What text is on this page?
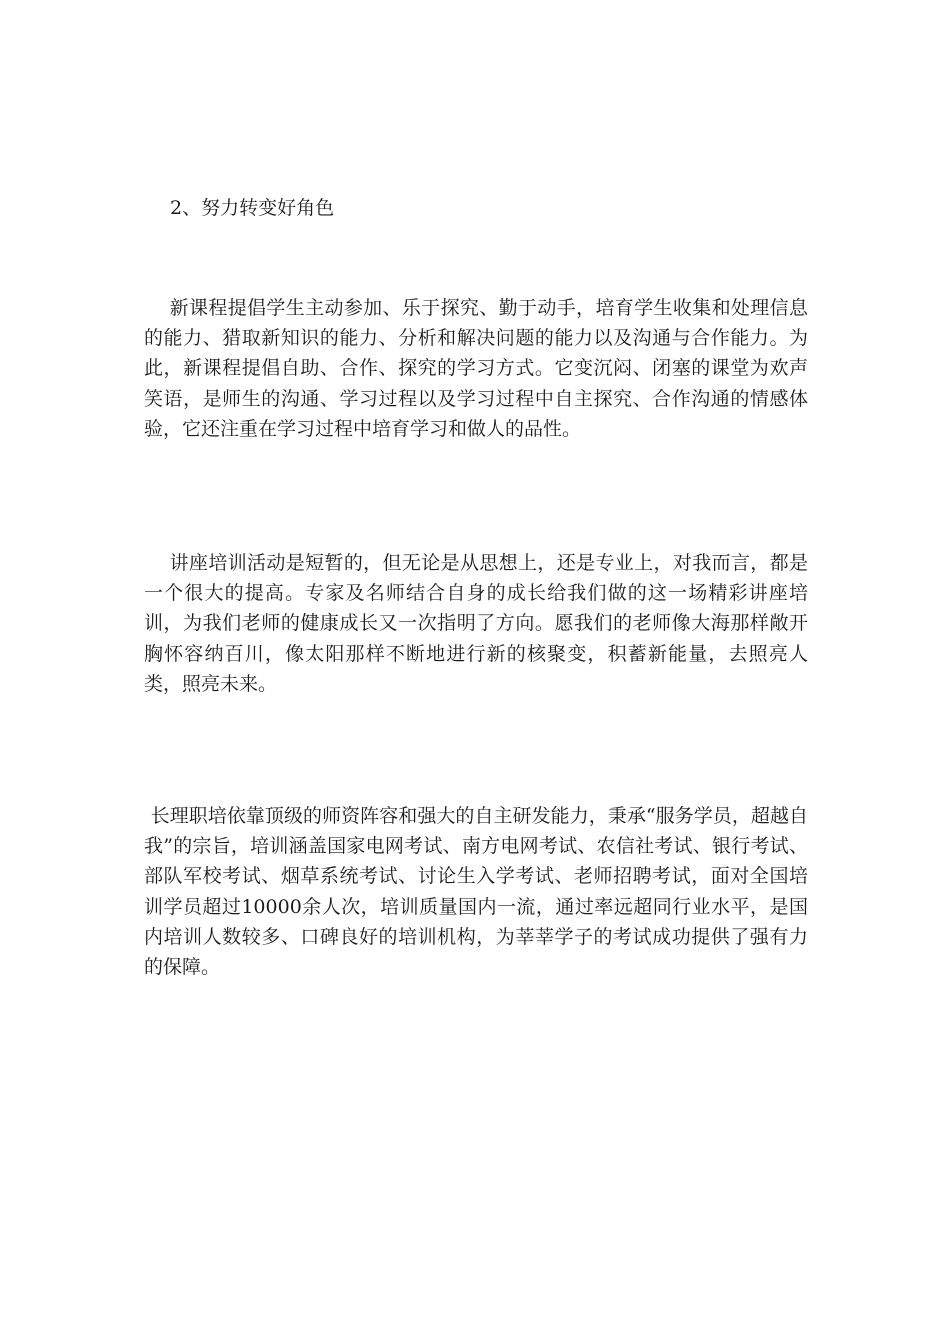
2、努力转变好角色

新课程提倡学生主动参加、乐于探究、勤于动手，培育学生收集和处理信息的能力、猎取新知识的能力、分析和解决问题的能力以及沟通与合作能力。为此，新课程提倡自助、合作、探究的学习方式。它变沉闷、闭塞的课堂为欢声笑语，是师生的沟通、学习过程以及学习过程中自主探究、合作沟通的情感体验，它还注重在学习过程中培育学习和做人的品性。

讲座培训活动是短暂的，但无论是从思想上，还是专业上，对我而言，都是一个很大的提高。专家及名师结合自身的成长给我们做的这一场精彩讲座培训，为我们老师的健康成长又一次指明了方向。愿我们的老师像大海那样敞开胸怀容纳百川，像太阳那样不断地进行新的核聚变，积蓄新能量，去照亮人类，照亮未来。

长理职培依靠顶级的师资阵容和强大的自主研发能力，秉承“服务学员，超越自我”的宗旨，培训涵盖国家电网考试、南方电网考试、农信社考试、银行考试、部队军校考试、烟草系统考试、讨论生入学考试、老师招聘考试，面对全国培训学员超过10000余人次，培训质量国内一流，通过率远超同行业水平，是国内培训人数较多、口碑良好的培训机构，为莘莘学子的考试成功提供了强有力的保障。
